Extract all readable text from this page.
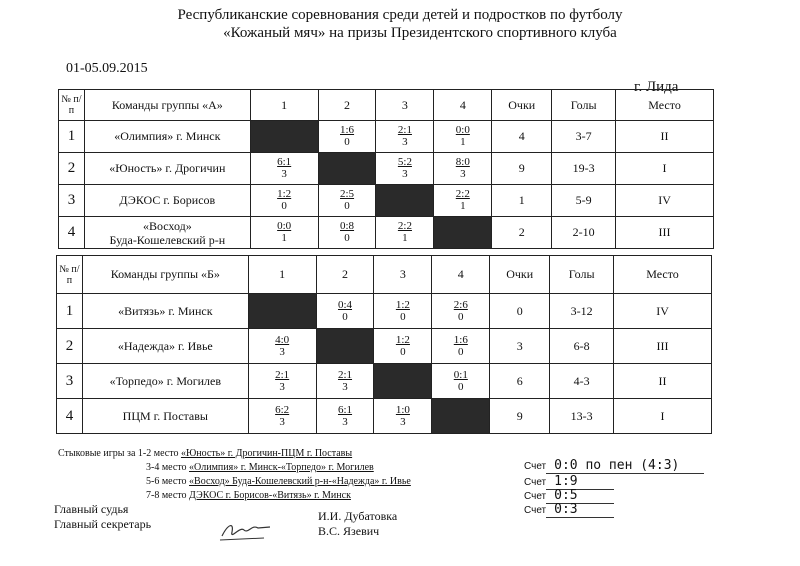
Республиканские соревнования среди детей и подростков по футболу
«Кожаный мяч» на призы Президентского спортивного клуба
01-05.09.2015
г. Лида
№ п/п	Команды группы «А»	1	2	3	4	Очки	Голы	Место
1	«Олимпия» г. Минск		$\frac{1:6}{0}$	$\frac{2:1}{3}$	$\frac{0:0}{1}$	4	3-7	II
2	«Юность» г. Дрогичин	$\frac{6:1}{3}$		$\frac{5:2}{3}$	$\frac{8:0}{3}$	9	19-3	I
3	ДЭКОС г. Борисов	$\frac{1:2}{0}$	$\frac{2:5}{0}$		$\frac{2:2}{1}$	1	5-9	IV
4	«Восход»
Буда-Кошелевский р-н	$\frac{0:0}{1}$	$\frac{0:8}{0}$	$\frac{2:2}{1}$		2	2-10	III
№ п/п	Команды группы «Б»	1	2	3	4	Очки	Голы	Место
1	«Витязь» г. Минск		$\frac{0:4}{0}$	$\frac{1:2}{0}$	$\frac{2:6}{0}$	0	3-12	IV
2	«Надежда» г. Ивье	$\frac{4:0}{3}$		$\frac{1:2}{0}$	$\frac{1:6}{0}$	3	6-8	III
3	«Торпедо» г. Могилев	$\frac{2:1}{3}$	$\frac{2:1}{3}$		$\frac{0:1}{0}$	6	4-3	II
4	ПЦМ г. Поставы	$\frac{6:2}{3}$	$\frac{6:1}{3}$	$\frac{1:0}{3}$		9	13-3	I
Стыковые игры за 1-2 место «Юность» г. Дрогичин-ПЦМ г. Поставы
3-4 место «Олимпия» г. Минск-«Торпедо» г. Могилев
5-6 место «Восход» Буда-Кошелевский р-н-«Надежда» г. Ивье
7-8 место ДЭКОС г. Борисов-«Витязь» г. Минск
Счет 0:0 по пен (4:3)
Счет 1:9
Счет 0:5
Счет 0:3
Главный судья
Главный секретарь
И.И. Дубатовка
В.С. Язевич
